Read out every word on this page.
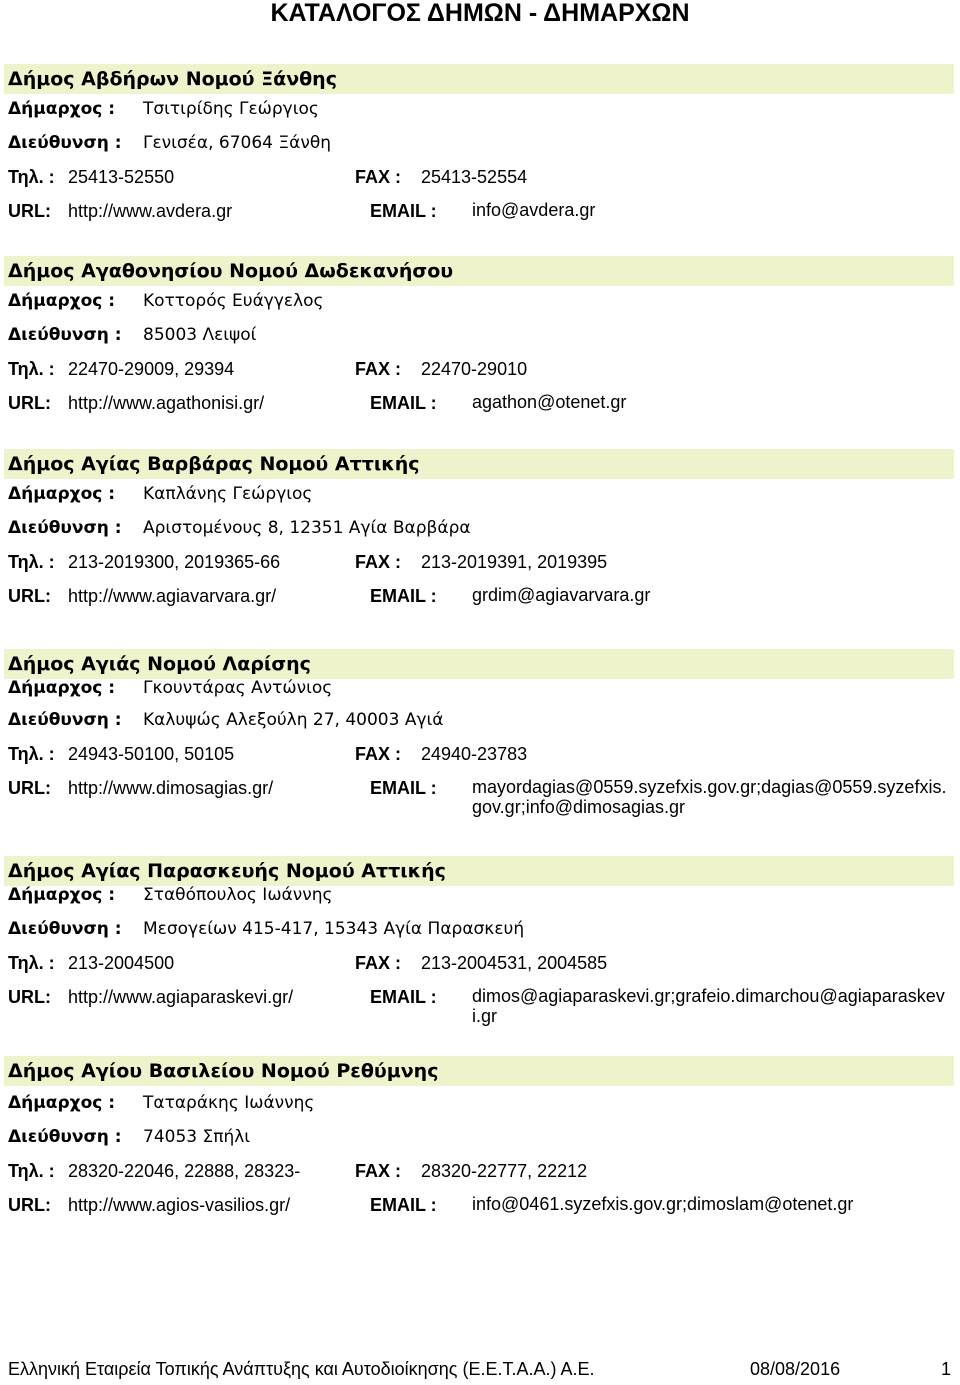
ΚΑΤΑΛΟΓΟΣ ΔΗΜΩΝ - ΔΗΜΑΡΧΩΝ
Δήμος Αβδήρων Νομού Ξάνθης
Δήμαρχος : Τσιτιρίδης Γεώργιος
Διεύθυνση : Γενισέα, 67064 Ξάνθη
Τηλ. : 25413-52550	FAX : 25413-52554
URL: http://www.avdera.gr	EMAIL : info@avdera.gr
Δήμος Αγαθονησίου Νομού Δωδεκανήσου
Δήμαρχος : Κοττορός Ευάγγελος
Διεύθυνση : 85003 Λειψοί
Τηλ. : 22470-29009, 29394	FAX : 22470-29010
URL: http://www.agathonisi.gr/	EMAIL : agathon@otenet.gr
Δήμος Αγίας Βαρβάρας Νομού Αττικής
Δήμαρχος : Καπλάνης Γεώργιος
Διεύθυνση : Αριστομένους 8, 12351 Αγία Βαρβάρα
Τηλ. : 213-2019300, 2019365-66	FAX : 213-2019391, 2019395
URL: http://www.agiavarvara.gr/	EMAIL : grdim@agiavarvara.gr
Δήμος Αγιάς Νομού Λαρίσης
Δήμαρχος : Γκουντάρας Αντώνιος
Διεύθυνση : Καλυψώς Αλεξούλη 27, 40003 Αγιά
Τηλ. : 24943-50100, 50105	FAX : 24940-23783
URL: http://www.dimosagias.gr/	EMAIL : mayordagias@0559.syzefxis.gov.gr;dagias@0559.syzefxis.gov.gr;info@dimosagias.gr
Δήμος Αγίας Παρασκευής Νομού Αττικής
Δήμαρχος : Σταθόπουλος Ιωάννης
Διεύθυνση : Μεσογείων 415-417, 15343 Αγία Παρασκευή
Τηλ. : 213-2004500	FAX : 213-2004531, 2004585
URL: http://www.agiaparaskevi.gr/	EMAIL : dimos@agiaparaskevi.gr;grafeio.dimarchou@agiaparaskevi.gr
Δήμος Αγίου Βασιλείου Νομού Ρεθύμνης
Δήμαρχος : Ταταράκης Ιωάννης
Διεύθυνση : 74053 Σπήλι
Τηλ. : 28320-22046, 22888, 28323-	FAX : 28320-22777, 22212
URL: http://www.agios-vasilios.gr/	EMAIL : info@0461.syzefxis.gov.gr;dimoslam@otenet.gr
Ελληνική Εταιρεία Τοπικής Ανάπτυξης και Αυτοδιοίκησης (Ε.Ε.Τ.Α.Α.) Α.Ε.	08/08/2016	1
